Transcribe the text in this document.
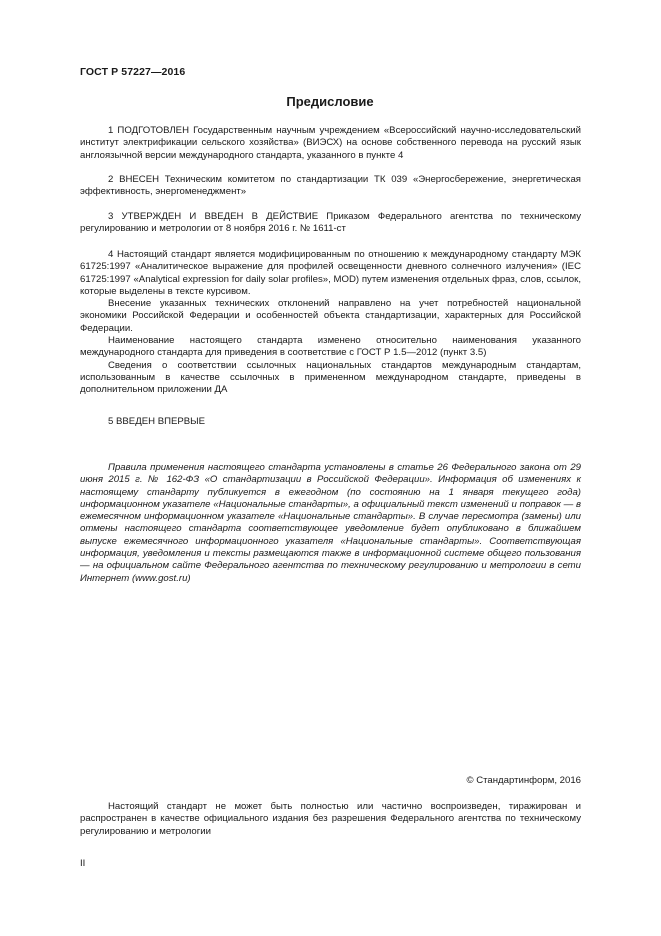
ГОСТ Р 57227—2016
Предисловие

1 ПОДГОТОВЛЕН Государственным научным учреждением «Всероссийский научно-исследовательский институт электрификации сельского хозяйства» (ВИЭСХ) на основе собственного перевода на русский язык англоязычной версии международного стандарта, указанного в пункте 4

2 ВНЕСЕН Техническим комитетом по стандартизации ТК 039 «Энергосбережение, энергетическая эффективность, энергоменеджмент»

3 УТВЕРЖДЕН И ВВЕДЕН В ДЕЙСТВИЕ Приказом Федерального агентства по техническому регулированию и метрологии от 8 ноября 2016 г. № 1611-ст

4 Настоящий стандарт является модифицированным по отношению к международному стандарту МЭК 61725:1997 «Аналитическое выражение для профилей освещенности дневного солнечного излучения» (IEC 61725:1997 «Analytical expression for daily solar profiles», MOD) путем изменения отдельных фраз, слов, ссылок, которые выделены в тексте курсивом.

Внесение указанных технических отклонений направлено на учет потребностей национальной экономики Российской Федерации и особенностей объекта стандартизации, характерных для Российской Федерации.

Наименование настоящего стандарта изменено относительно наименования указанного международного стандарта для приведения в соответствие с ГОСТ Р 1.5—2012 (пункт 3.5)

Сведения о соответствии ссылочных национальных стандартов международным стандартам, использованным в качестве ссылочных в примененном международном стандарте, приведены в дополнительном приложении ДА

5 ВВЕДЕН ВПЕРВЫЕ

Правила применения настоящего стандарта установлены в статье 26 Федерального закона от 29 июня 2015 г. № 162-ФЗ «О стандартизации в Российской Федерации». Информация об изменениях к настоящему стандарту публикуется в ежегодном (по состоянию на 1 января текущего года) информационном указателе «Национальные стандарты», а официальный текст изменений и поправок — в ежемесячном информационном указателе «Национальные стандарты». В случае пересмотра (замены) или отмены настоящего стандарта соответствующее уведомление будет опубликовано в ближайшем выпуске ежемесячного информационного указателя «Национальные стандарты». Соответствующая информация, уведомления и тексты размещаются также в информационной системе общего пользования — на официальном сайте Федерального агентства по техническому регулированию и метрологии в сети Интернет (www.gost.ru)

© Стандартинформ, 2016

Настоящий стандарт не может быть полностью или частично воспроизведен, тиражирован и распространен в качестве официального издания без разрешения Федерального агентства по техническому регулированию и метрологии

II
